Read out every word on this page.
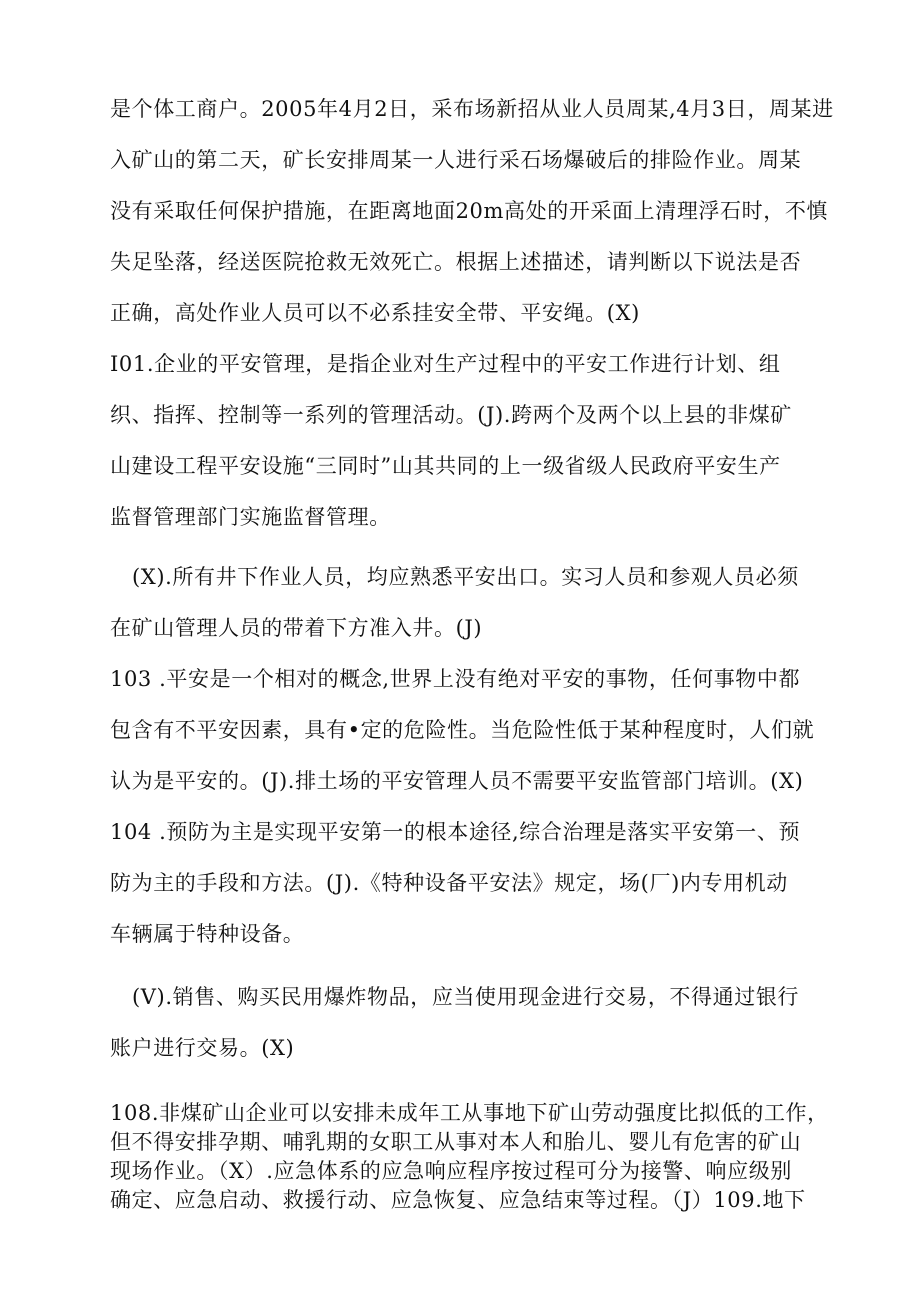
是个体工商户。2005年4月2日，采布场新招从业人员周某,4月3日，周某进
入矿山的第二天，矿长安排周某一人进行采石场爆破后的排险作业。周某
没有采取任何保护措施，在距离地面20m高处的开采面上清理浮石时，不慎
失足坠落，经送医院抢救无效死亡。根据上述描述，请判断以下说法是否
正确，高处作业人员可以不必系挂安全带、平安绳。(X)
I01.企业的平安管理，是指企业对生产过程中的平安工作进行计划、组
织、指挥、控制等一系列的管理活动。(J).跨两个及两个以上县的非煤矿
山建设工程平安设施“三同时”山其共同的上一级省级人民政府平安生产
监督管理部门实施监督管理。
(X).所有井下作业人员，均应熟悉平安出口。实习人员和参观人员必须
在矿山管理人员的带着下方准入井。(J)
103 .平安是一个相对的概念,世界上没有绝对平安的事物，任何事物中都
包含有不平安因素，具有•定的危险性。当危险性低于某种程度时，人们就
认为是平安的。(J).排土场的平安管理人员不需要平安监管部门培训。(X)
104 .预防为主是实现平安第一的根本途径,综合治理是落实平安第一、预
防为主的手段和方法。(J).《特种设备平安法》规定，场(厂)内专用机动
车辆属于特种设备。
(V).销售、购买民用爆炸物品，应当使用现金进行交易，不得通过银行
账户进行交易。(X)
108.非煤矿山企业可以安排未成年工从事地下矿山劳动强度比拟低的工作，
但不得安排孕期、哺乳期的女职工从事对本人和胎儿、婴儿有危害的矿山
现场作业。（X）.应急体系的应急响应程序按过程可分为接警、响应级别
确定、应急启动、救援行动、应急恢复、应急结束等过程。（J）109.地下
